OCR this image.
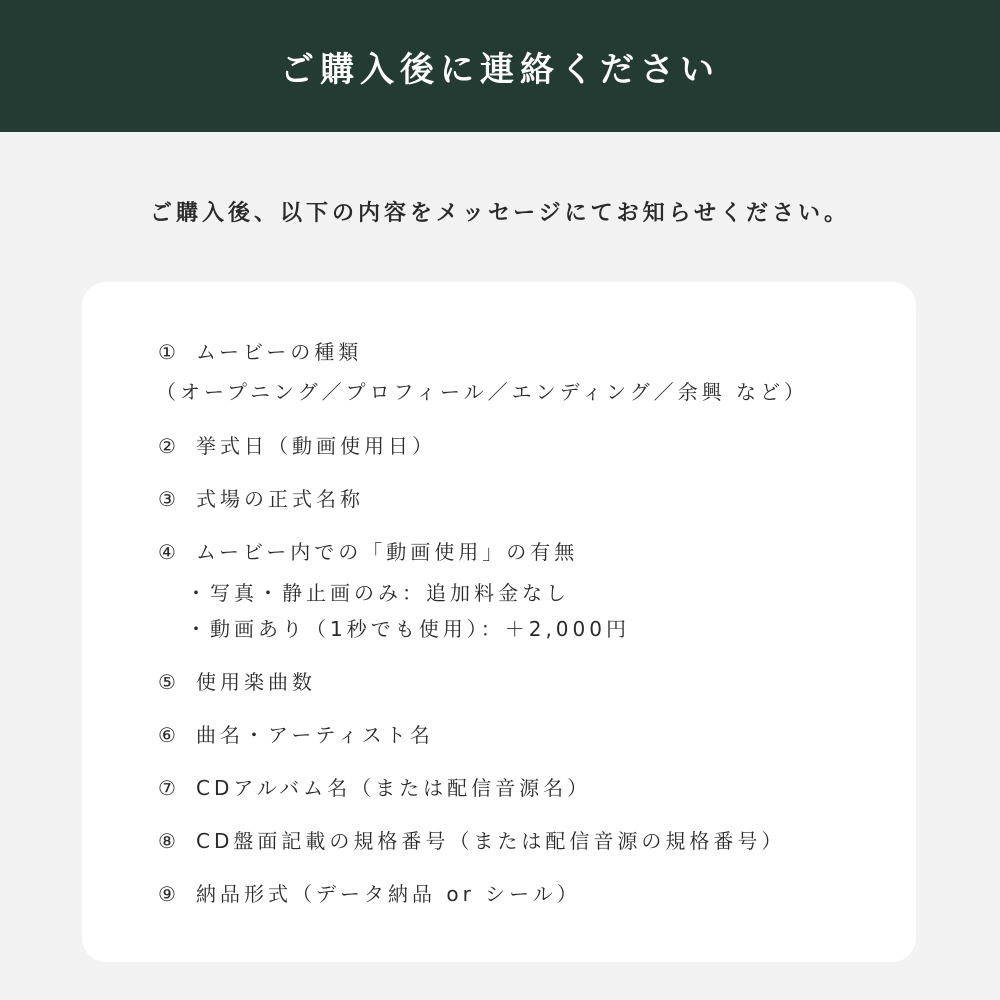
ご購入後に連絡ください
ご購入後、以下の内容をメッセージにてお知らせください。
① ムービーの種類
（オープニング／プロフィール／エンディング／余興 など）
② 挙式日（動画使用日）
③ 式場の正式名称
④ ムービー内での「動画使用」の有無
・写真・静止画のみ：追加料金なし
・動画あり（1秒でも使用）：＋2,000円
⑤ 使用楽曲数
⑥ 曲名・アーティスト名
⑦ CDアルバム名（または配信音源名）
⑧ CD盤面記載の規格番号（または配信音源の規格番号）
⑨ 納品形式（データ納品 or シール）
